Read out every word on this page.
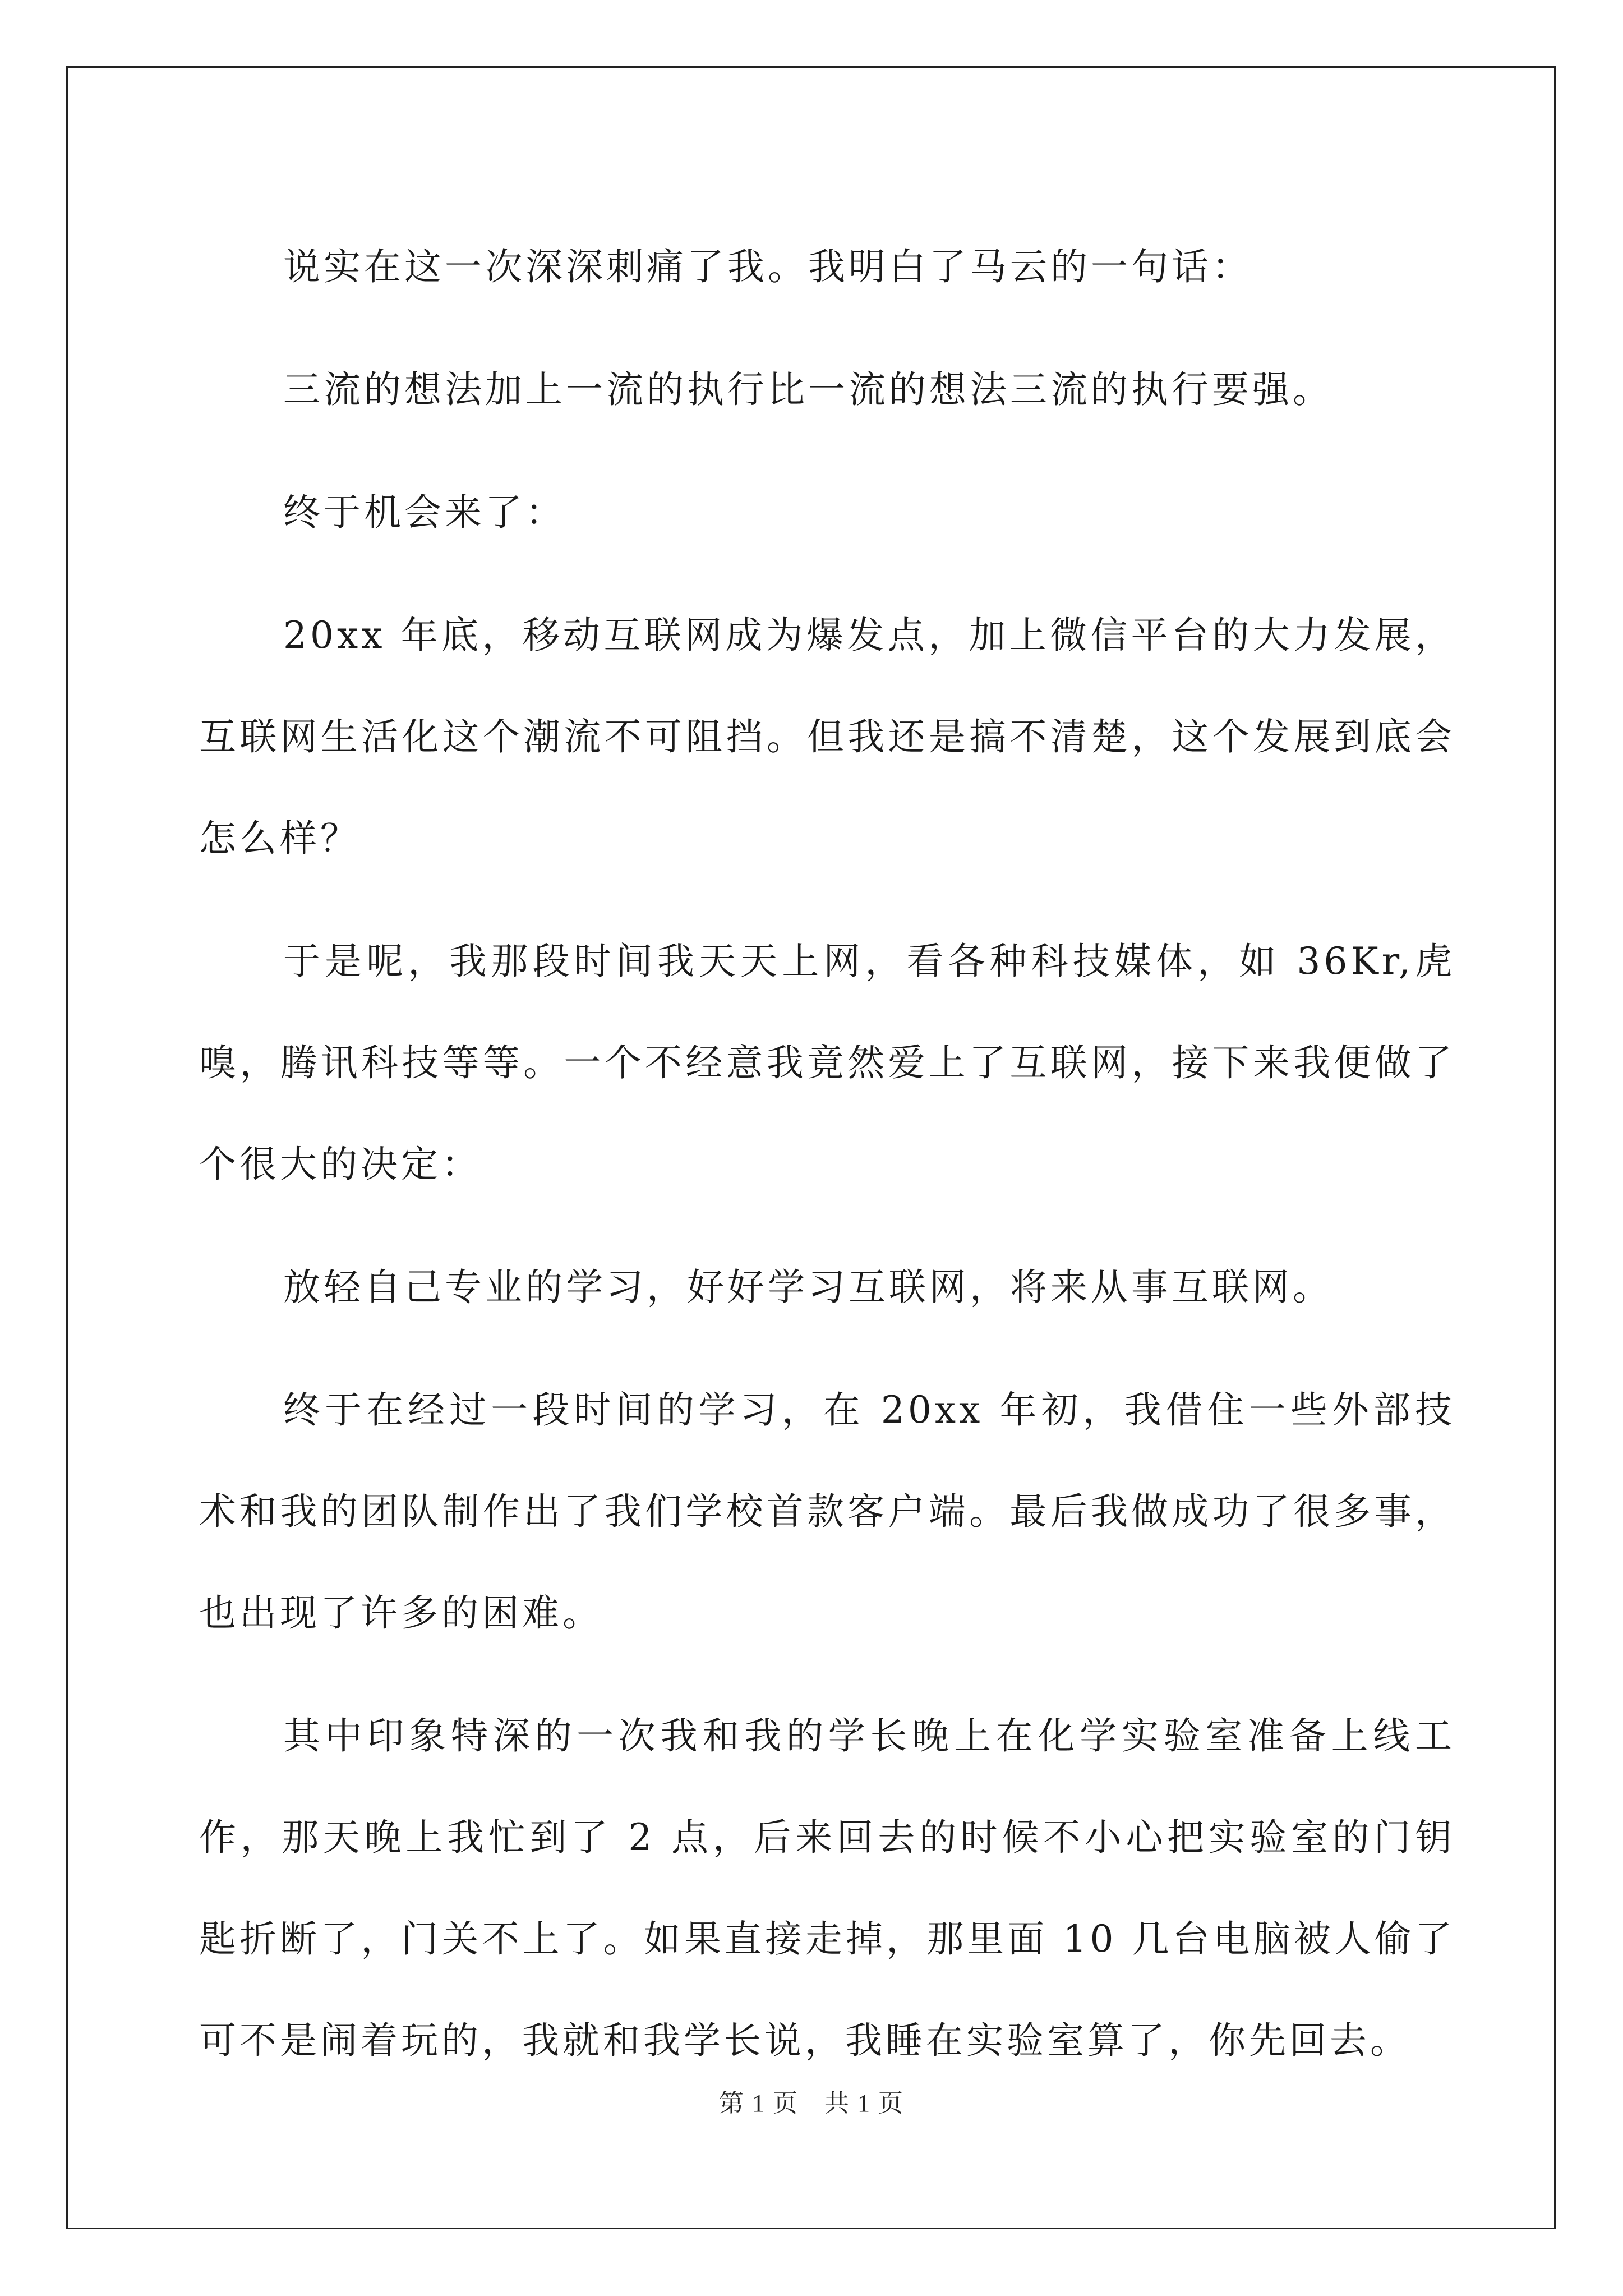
说实在这一次深深刺痛了我。我明白了马云的一句话：

三流的想法加上一流的执行比一流的想法三流的执行要强。

终于机会来了：

20xx 年底，移动互联网成为爆发点，加上微信平台的大力发展，互联网生活化这个潮流不可阻挡。但我还是搞不清楚，这个发展到底会怎么样？

于是呢，我那段时间我天天上网，看各种科技媒体，如 36Kr,虎嗅，腾讯科技等等。一个不经意我竟然爱上了互联网，接下来我便做了个很大的决定：

放轻自己专业的学习，好好学习互联网，将来从事互联网。

终于在经过一段时间的学习，在 20xx 年初，我借住一些外部技术和我的团队制作出了我们学校首款客户端。最后我做成功了很多事，也出现了许多的困难。

其中印象特深的一次我和我的学长晚上在化学实验室准备上线工作，那天晚上我忙到了 2 点，后来回去的时候不小心把实验室的门钥匙折断了，门关不上了。如果直接走掉，那里面 10 几台电脑被人偷了可不是闹着玩的，我就和我学长说，我睡在实验室算了，你先回去。

第 1 页　共 1 页
